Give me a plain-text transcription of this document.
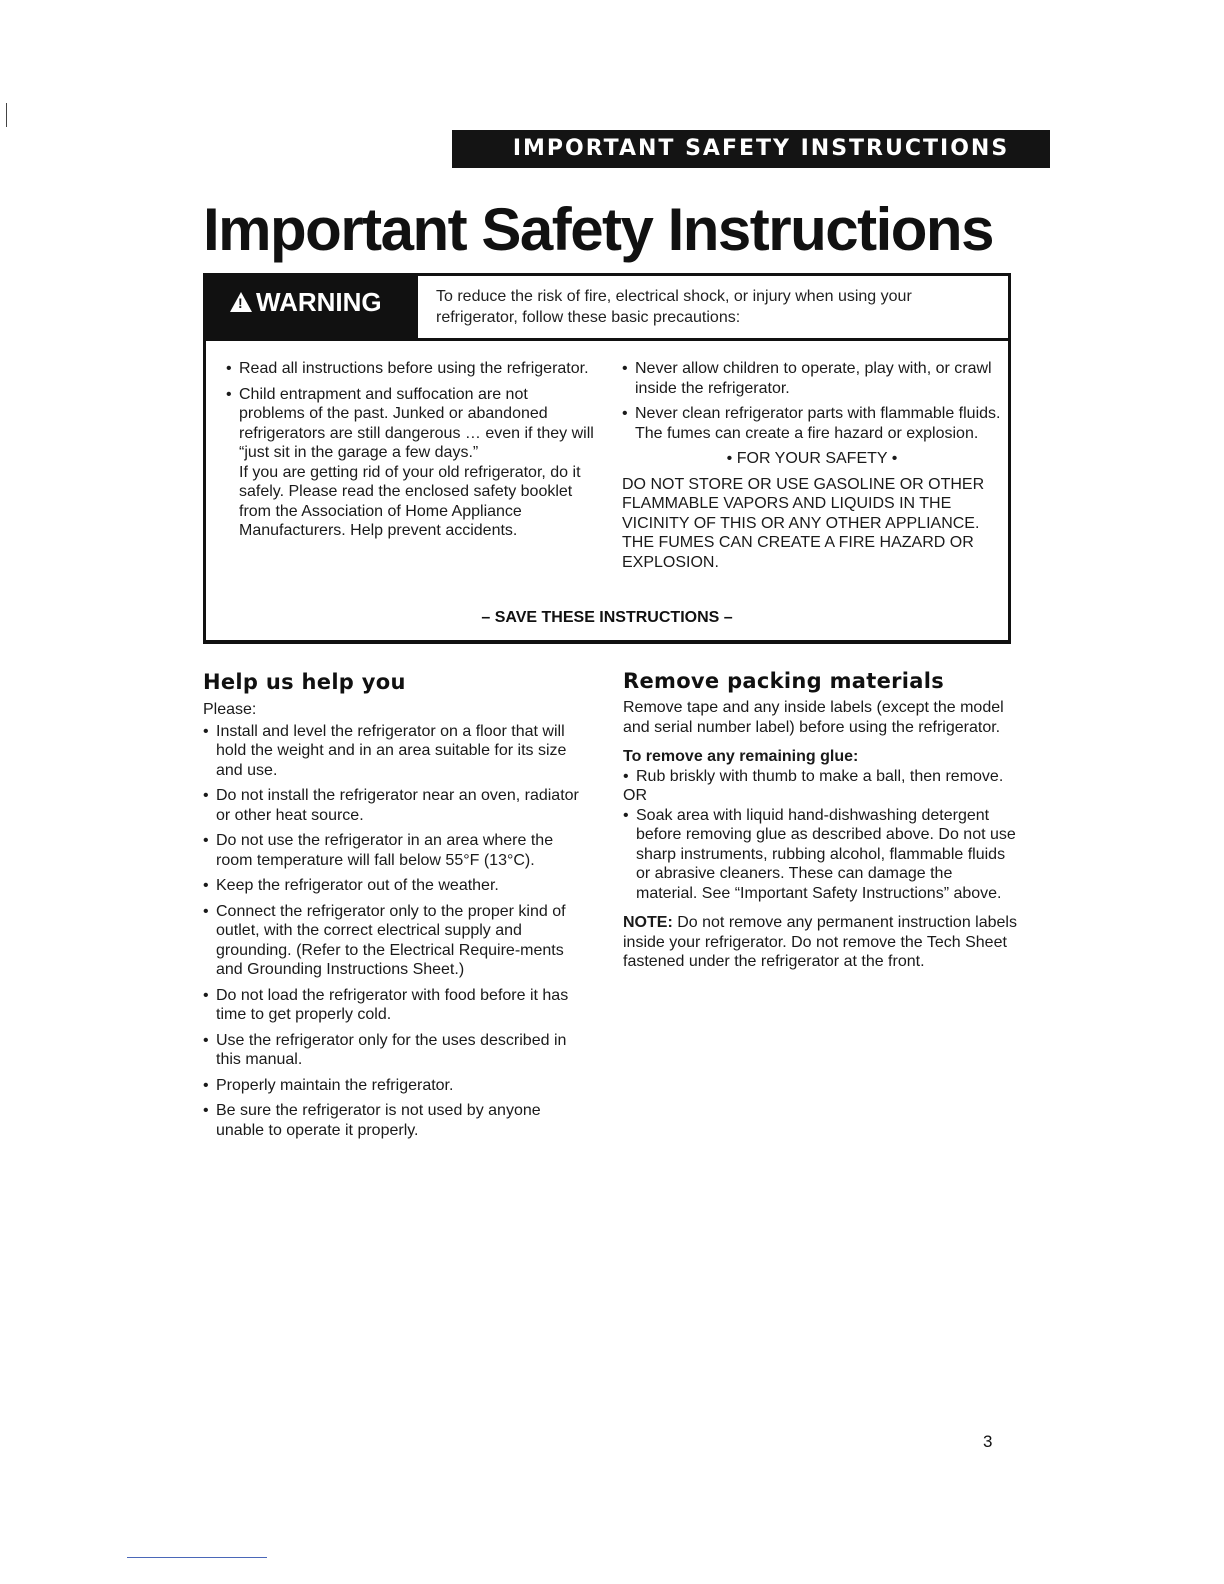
IMPORTANT SAFETY INSTRUCTIONS
Important Safety Instructions
!
WARNING	To reduce the risk of fire, electrical shock, or injury when using your refrigerator, follow these basic precautions:
• Read all instructions before using the refrigerator.
• Child entrapment and suffocation are not problems of the past. Junked or abandoned refrigerators are still dangerous … even if they will “just sit in the garage a few days.”

If you are getting rid of your old refrigerator, do it safely. Please read the enclosed safety booklet from the Association of Home Appliance Manufacturers. Help prevent accidents.

• Never allow children to operate, play with, or crawl inside the refrigerator.
• Never clean refrigerator parts with flammable fluids. The fumes can create a fire hazard or explosion.

• FOR YOUR SAFETY •

DO NOT STORE OR USE GASOLINE OR OTHER FLAMMABLE VAPORS AND LIQUIDS IN THE VICINITY OF THIS OR ANY OTHER APPLIANCE. THE FUMES CAN CREATE A FIRE HAZARD OR EXPLOSION.

– SAVE THESE INSTRUCTIONS –
Help us help you

Please:

• Install and level the refrigerator on a floor that will hold the weight and in an area suitable for its size and use.
• Do not install the refrigerator near an oven, radiator or other heat source.
• Do not use the refrigerator in an area where the room temperature will fall below 55°F (13°C).
• Keep the refrigerator out of the weather.
• Connect the refrigerator only to the proper kind of outlet, with the correct electrical supply and grounding. (Refer to the Electrical Require-ments and Grounding Instructions Sheet.)
• Do not load the refrigerator with food before it has time to get properly cold.
• Use the refrigerator only for the uses described in this manual.
• Properly maintain the refrigerator.
• Be sure the refrigerator is not used by anyone unable to operate it properly.
Remove packing materials

Remove tape and any inside labels (except the model and serial number label) before using the refrigerator.

To remove any remaining glue:

• Rub briskly with thumb to make a ball, then remove.

OR

• Soak area with liquid hand-dishwashing detergent before removing glue as described above. Do not use sharp instruments, rubbing alcohol, flammable fluids or abrasive cleaners. These can damage the material. See “Important Safety Instructions” above.

NOTE: Do not remove any permanent instruction labels inside your refrigerator. Do not remove the Tech Sheet fastened under the refrigerator at the front.

3
